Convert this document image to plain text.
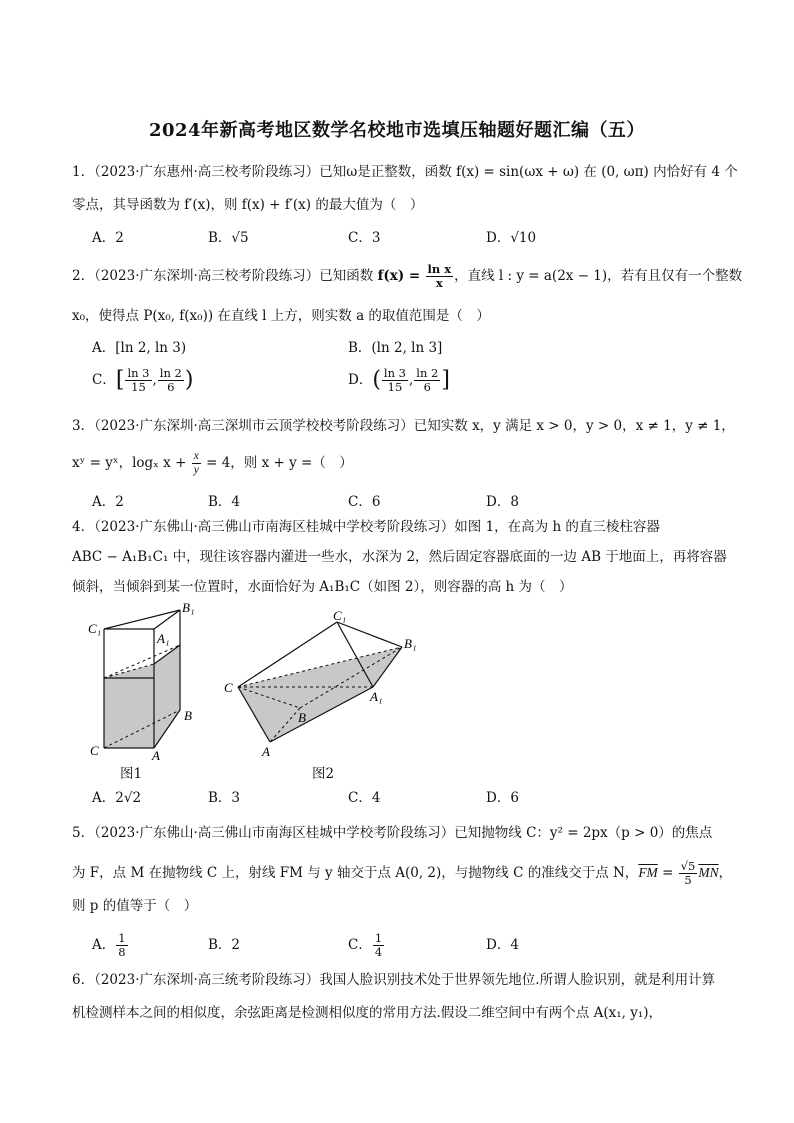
2024年新高考地区数学名校地市选填压轴题好题汇编（五）
1．（2023·广东惠州·高三校考阶段练习）已知ω是正整数，函数 f(x) = sin(ωx + ω) 在 (0, ωπ) 内恰好有 4 个
零点，其导函数为 f′(x)，则 f(x) + f′(x) 的最大值为（　）
A．2	B．√5	C．3	D．√10
2．（2023·广东深圳·高三校考阶段练习）已知函数 $f(x) = \frac{\text{ln x}}{x}$ ，直线 l : y = a(2x − 1)，若有且仅有一个整数
x₀，使得点 P(x₀, f(x₀)) 在直线 l 上方，则实数 a 的取值范围是（　）
A．[ln 2, ln 3)	B．(ln 2, ln 3]
C．[ $\frac{\ln 3}{15}$ , $\frac{\ln 2}{6}$ )	D．( $\frac{\ln 3}{15}$ , $\frac{\ln 2}{6}$ ]
3．（2023·广东深圳·高三深圳市云顶学校校考阶段练习）已知实数 x，y 满足 x > 0，y > 0，x ≠ 1，y ≠ 1，
xʸ = yˣ，logₓ $x + \frac{x}{y} = 4$，则 x + y =（　）
A．2	B．4	C．6	D．8
4．（2023·广东佛山·高三佛山市南海区桂城中学校考阶段练习）如图 1，在高为 h 的直三棱柱容器
ABC − A₁B₁C₁ 中，现往该容器内灌进一些水，水深为 2，然后固定容器底面的一边 AB 于地面上，再将容器
倾斜，当倾斜到某一位置时，水面恰好为 A₁B₁C（如图 2），则容器的高 h 为（　）
B₁
C₁
A₁
B
C	A
图1
C₁
B₁
C
A₁
B
A
图2
A．2√2	B．3	C．4	D．6
5．（2023·广东佛山·高三佛山市南海区桂城中学校考阶段练习）已知抛物线 C：y² = 2px（p > 0）的焦点
为 F，点 M 在抛物线 C 上，射线 FM 与 y 轴交于点 A(0, 2)，与抛物线 C 的准线交于点 N，$\overline{FM} = \frac{√5}{5} \overline{MN}$，
则 p 的值等于（　）
A． $\frac{1}{8}$	B．2	C． $\frac{1}{4}$	D．4
6．（2023·广东深圳·高三统考阶段练习）我国人脸识别技术处于世界领先地位.所谓人脸识别，就是利用计算
机检测样本之间的相似度，余弦距离是检测相似度的常用方法.假设二维空间中有两个点 A(x₁, y₁)，
